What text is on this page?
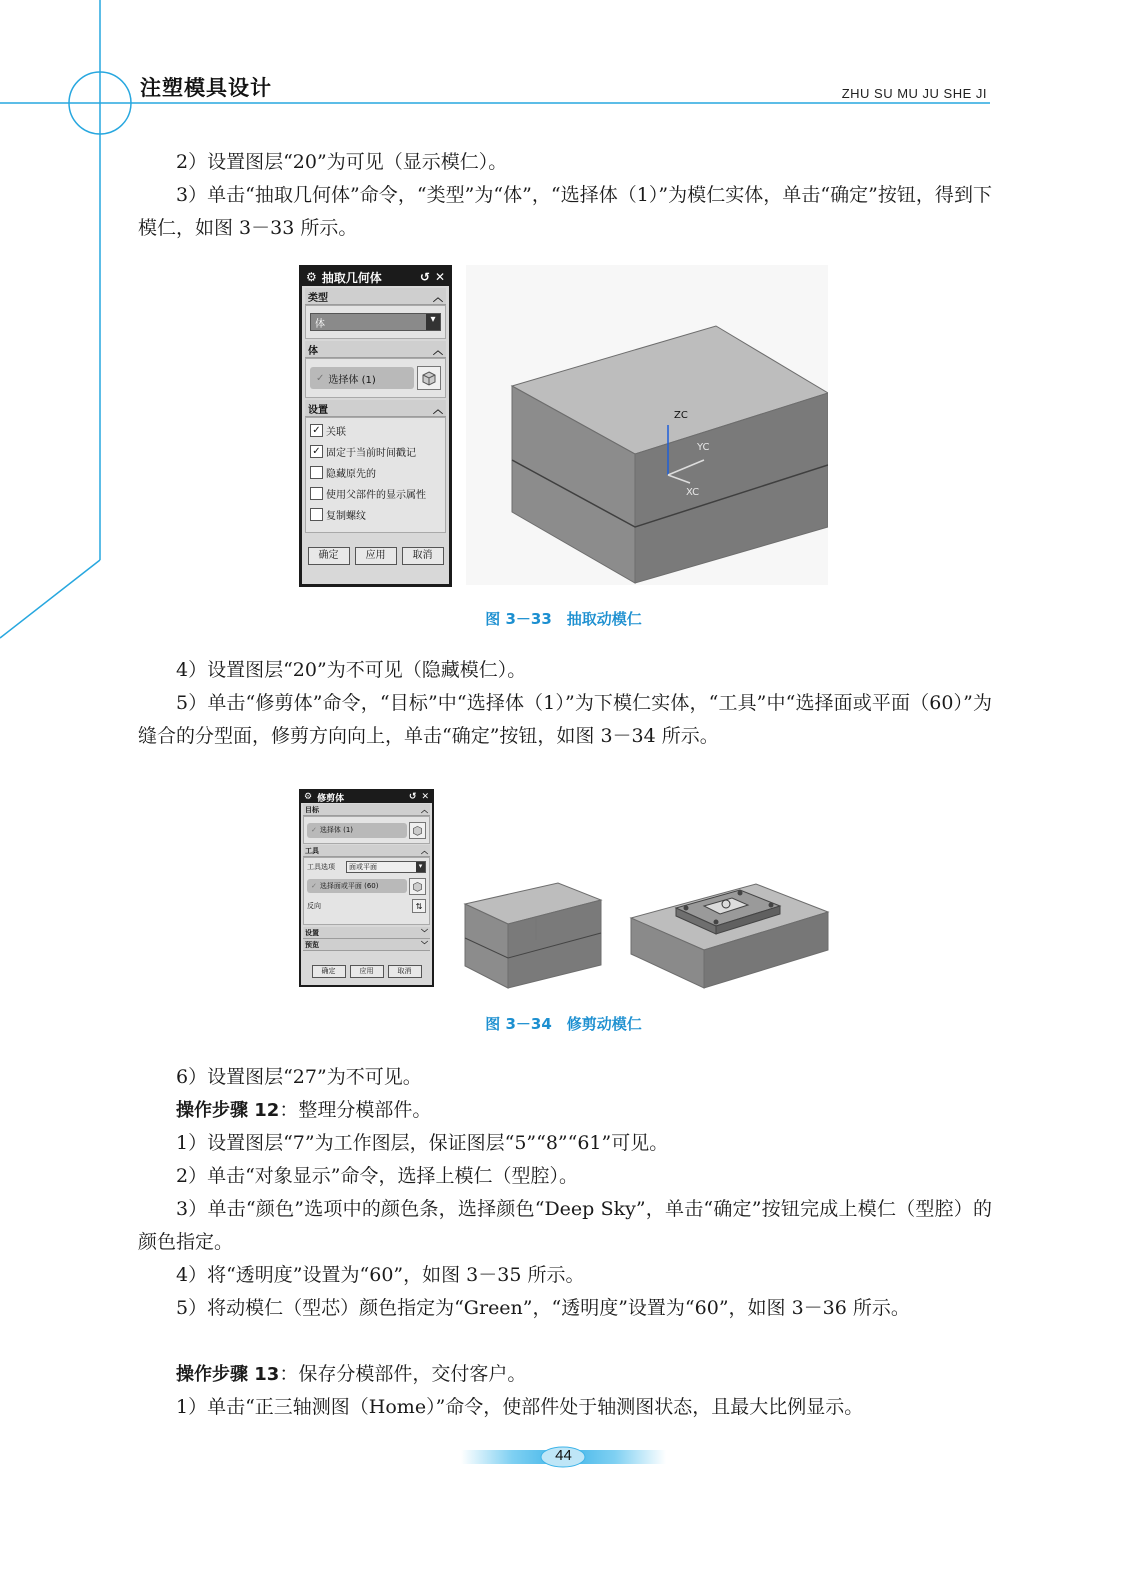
注塑模具设计	ZHU SU MU JU SHE JI
2）设置图层“20”为可见（显示模仁）。
3）单击“抽取几何体”命令，“类型”为“体”，“选择体（1）”为模仁实体，单击“确定”按钮，得到下模仁，如图 3－33 所示。
⚙ 抽取几何体	↺ ✕
类型	︿
体	▾
体	︿
✓ 选择体 (1)
设置	︿
✓ 关联
✓ 固定于当前时间戳记
隐藏原先的
使用父部件的显示属性
复制螺纹
确定	应用	取消
ZC
YC
XC
图 3－33　抽取动模仁
4）设置图层“20”为不可见（隐藏模仁）。
5）单击“修剪体”命令，“目标”中“选择体（1）”为下模仁实体，“工具”中“选择面或平面（60）”为缝合的分型面，修剪方向向上，单击“确定”按钮，如图 3－34 所示。
⚙ 修剪体	↺ ✕
目标	︿
✓ 选择体 (1)
工具	︿
工具选项 面或平面	▾
✓ 选择面或平面 (60)
反向	⇅
设置	﹀
预览	﹀
确定	应用	取消
图 3－34　修剪动模仁
6）设置图层“27”为不可见。
操作步骤 12：整理分模部件。
1）设置图层“7”为工作图层，保证图层“5”“8”“61”可见。
2）单击“对象显示”命令，选择上模仁（型腔）。
3）单击“颜色”选项中的颜色条，选择颜色“Deep Sky”，单击“确定”按钮完成上模仁（型腔）的颜色指定。
4）将“透明度”设置为“60”，如图 3－35 所示。
5）将动模仁（型芯）颜色指定为“Green”，“透明度”设置为“60”，如图 3－36 所示。
操作步骤 13：保存分模部件，交付客户。
1）单击“正三轴测图（Home）”命令，使部件处于轴测图状态，且最大比例显示。
44
